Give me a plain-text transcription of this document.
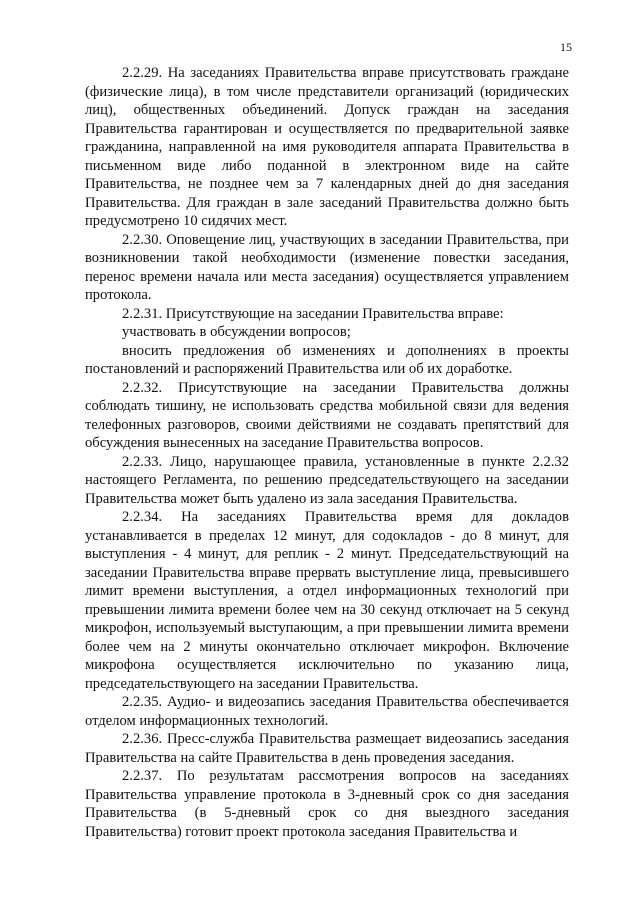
15

2.2.29. На заседаниях Правительства вправе присутствовать граждане (физические лица), в том числе представители организаций (юридических лиц), общественных объединений. Допуск граждан на заседания Правительства гарантирован и осуществляется по предварительной заявке гражданина, направленной на имя руководителя аппарата Правительства в письменном виде либо поданной в электронном виде на сайте Правительства, не позднее чем за 7 календарных дней до дня заседания Правительства. Для граждан в зале заседаний Правительства должно быть предусмотрено 10 сидячих мест.

2.2.30. Оповещение лиц, участвующих в заседании Правительства, при возникновении такой необходимости (изменение повестки заседания, перенос времени начала или места заседания) осуществляется управлением протокола.

2.2.31. Присутствующие на заседании Правительства вправе:

участвовать в обсуждении вопросов;

вносить предложения об изменениях и дополнениях в проекты постановлений и распоряжений Правительства или об их доработке.

2.2.32. Присутствующие на заседании Правительства должны соблюдать тишину, не использовать средства мобильной связи для ведения телефонных разговоров, своими действиями не создавать препятствий для обсуждения вынесенных на заседание Правительства вопросов.

2.2.33. Лицо, нарушающее правила, установленные в пункте 2.2.32 настоящего Регламента, по решению председательствующего на заседании Правительства может быть удалено из зала заседания Правительства.

2.2.34. На заседаниях Правительства время для докладов устанавливается в пределах 12 минут, для содокладов - до 8 минут, для выступления - 4 минут, для реплик - 2 минут. Председательствующий на заседании Правительства вправе прервать выступление лица, превысившего лимит времени выступления, а отдел информационных технологий при превышении лимита времени более чем на 30 секунд отключает на 5 секунд микрофон, используемый выступающим, а при превышении лимита времени более чем на 2 минуты окончательно отключает микрофон. Включение микрофона осуществляется исключительно по указанию лица, председательствующего на заседании Правительства.

2.2.35. Аудио- и видеозапись заседания Правительства обеспечивается отделом информационных технологий.

2.2.36. Пресс-служба Правительства размещает видеозапись заседания Правительства на сайте Правительства в день проведения заседания.

2.2.37. По результатам рассмотрения вопросов на заседаниях Правительства управление протокола в 3-дневный срок со дня заседания Правительства (в 5-дневный срок со дня выездного заседания Правительства) готовит проект протокола заседания Правительства и
